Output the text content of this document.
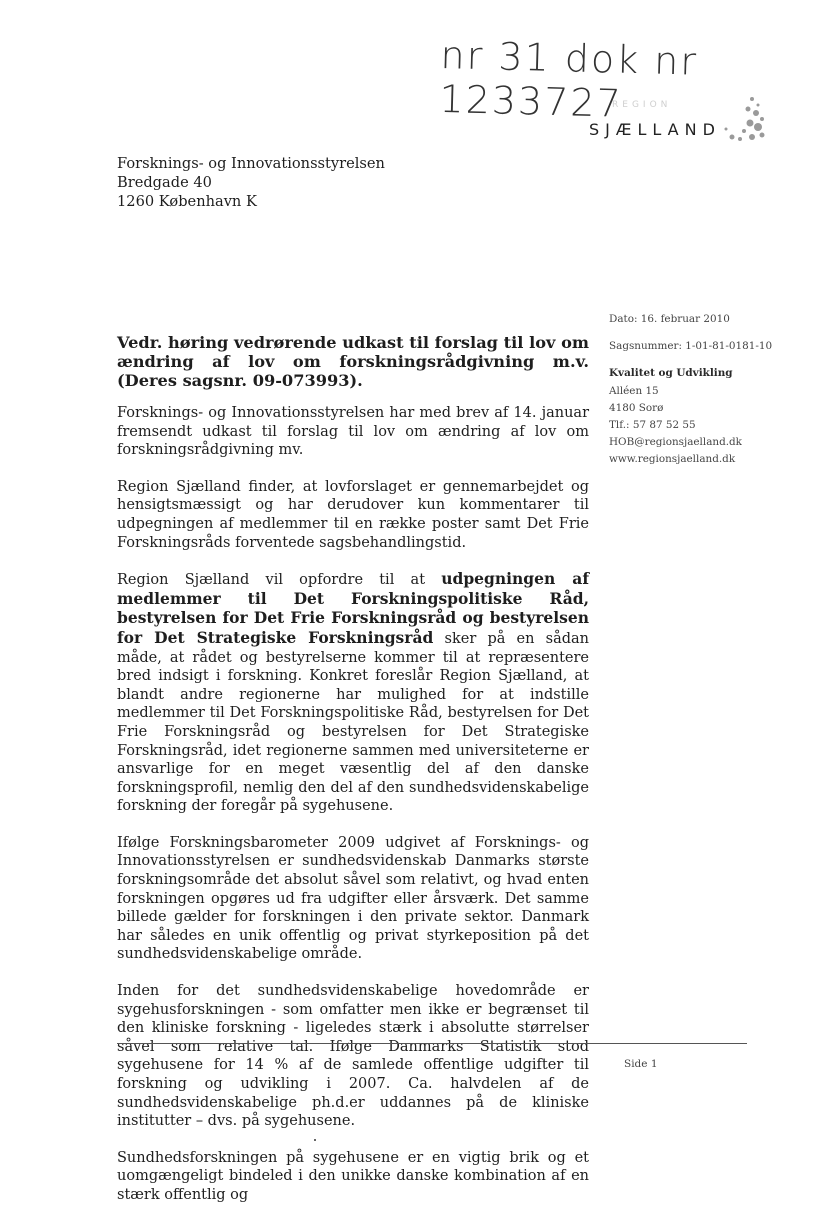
nr 31 dok nr 1233727
REGION
SJÆLLAND
Forsknings- og Innovationsstyrelsen
Bredgade 40
1260 København K
Dato: 16. februar 2010
Sagsnummer: 1-01-81-0181-10
Kvalitet og Udvikling
Alléen 15
4180 Sorø
Tlf.: 57 87 52 55
HOB@regionsjaelland.dk
www.regionsjaelland.dk
Vedr. høring vedrørende udkast til forslag til lov om ændring af lov om forskningsrådgivning m.v. (Deres sagsnr. 09-073993).

Forsknings- og Innovationsstyrelsen har med brev af 14. januar fremsendt udkast til forslag til lov om ændring af lov om forskningsrådgivning mv.

Region Sjælland finder, at lovforslaget er gennemarbejdet og hensigtsmæssigt og har derudover kun kommentarer til udpegningen af medlemmer til en række poster samt Det Frie Forskningsråds forventede sagsbehandlingstid.

Region Sjælland vil opfordre til at udpegningen af medlemmer til Det Forskningspolitiske Råd, bestyrelsen for Det Frie Forskningsråd og bestyrelsen for Det Strategiske Forskningsråd sker på en sådan måde, at rådet og bestyrelserne kommer til at repræsentere bred indsigt i forskning. Konkret foreslår Region Sjælland, at blandt andre regionerne har mulighed for at indstille medlemmer til Det Forskningspolitiske Råd, bestyrelsen for Det Frie Forskningsråd og bestyrelsen for Det Strategiske Forskningsråd, idet regionerne sammen med universiteterne er ansvarlige for en meget væsentlig del af den danske forskningsprofil, nemlig den del af den sundhedsvidenskabelige forskning der foregår på sygehusene.

Ifølge Forskningsbarometer 2009 udgivet af Forsknings- og Innovationsstyrelsen er sundhedsvidenskab Danmarks største forskningsområde det absolut såvel som relativt, og hvad enten forskningen opgøres ud fra udgifter eller årsværk. Det samme billede gælder for forskningen i den private sektor. Danmark har således en unik offentlig og privat styrkeposition på det sundhedsvidenskabelige område.

Inden for det sundhedsvidenskabelige hovedområde er sygehusforskningen - som omfatter men ikke er begrænset til den kliniske forskning - ligeledes stærk i absolutte størrelser såvel som relative tal. Ifølge Danmarks Statistik stod sygehusene for 14 % af de samlede offentlige udgifter til forskning og udvikling i 2007. Ca. halvdelen af de sundhedsvidenskabelige ph.d.er uddannes på de kliniske institutter – dvs. på sygehusene.

Sundhedsforskningen på sygehusene er en vigtig brik og et uomgængeligt bindeled i den unikke danske kombination af en stærk offentlig og

Side 1
